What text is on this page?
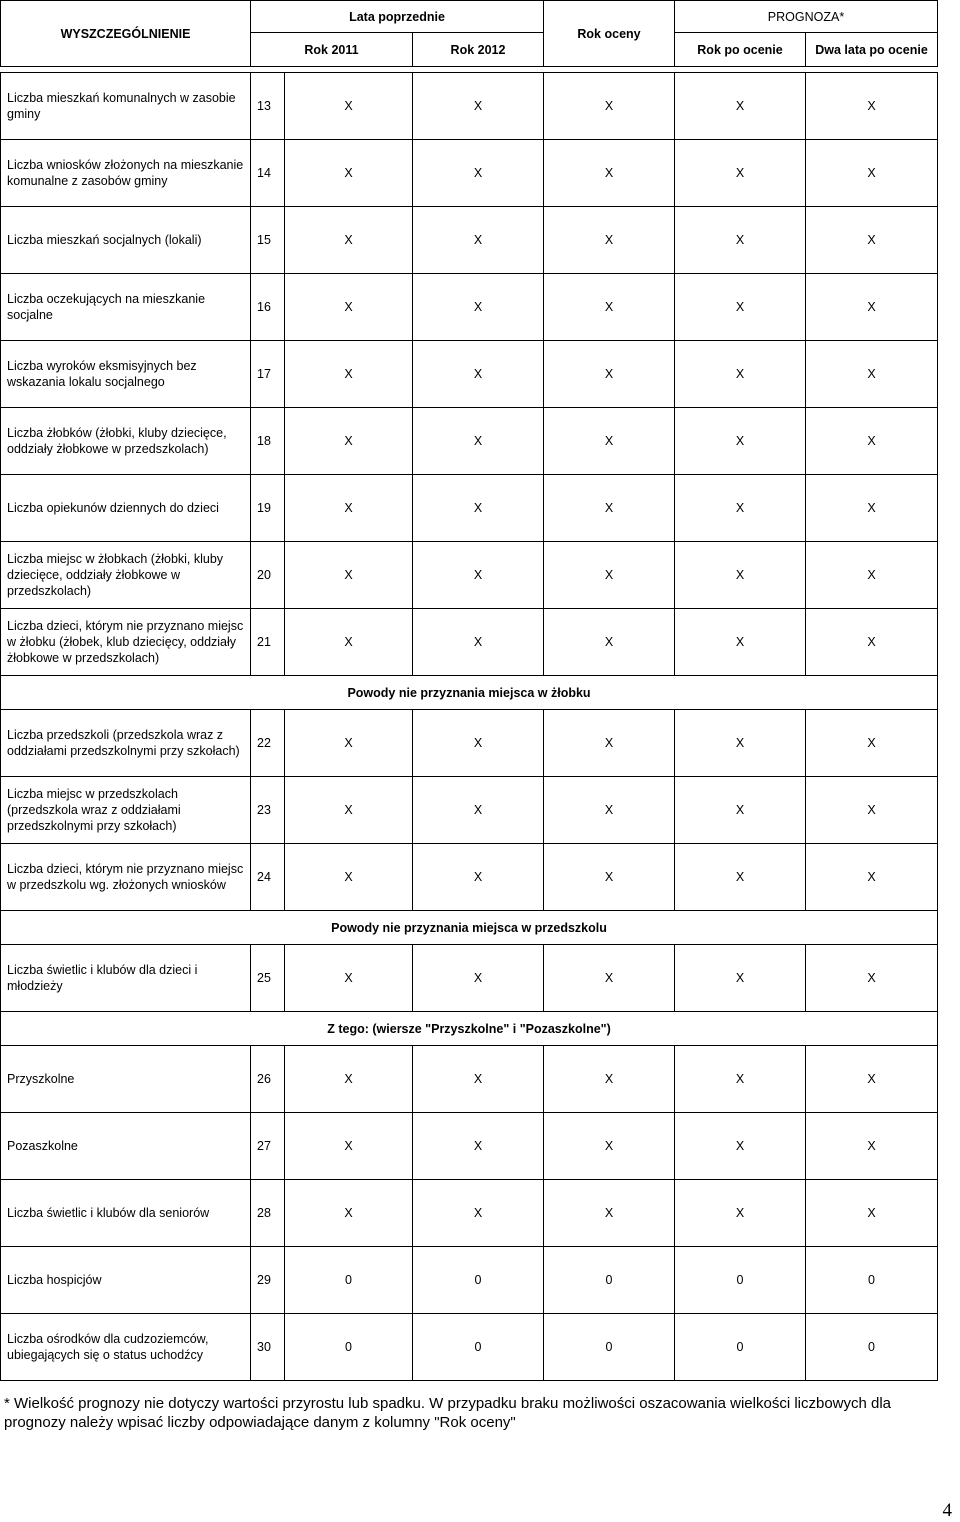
WYSZCZEGÓLNIENIE	Lata poprzednie			Rok oceny	PROGNOZA*	
	Rok 2011		Rok 2012		Rok po ocenie	Dwa lata po ocenie

Liczba mieszkań komunalnych w zasobie gminy	13	X	X	X	X	X
Liczba wniosków złożonych na mieszkanie komunalne z zasobów gminy	14	X	X	X	X	X
Liczba mieszkań socjalnych (lokali)	15	X	X	X	X	X
Liczba oczekujących na mieszkanie socjalne	16	X	X	X	X	X
Liczba wyroków eksmisyjnych bez wskazania lokalu socjalnego	17	X	X	X	X	X
Liczba żłobków (żłobki, kluby dziecięce, oddziały żłobkowe w przedszkolach)	18	X	X	X	X	X
Liczba opiekunów dziennych do dzieci	19	X	X	X	X	X
Liczba miejsc w żłobkach (żłobki, kluby dziecięce, oddziały żłobkowe w przedszkolach)	20	X	X	X	X	X
Liczba dzieci, którym nie przyznano miejsc w żłobku (żłobek, klub dziecięcy, oddziały żłobkowe w przedszkolach)	21	X	X	X	X	X
Powody nie przyznania miejsca w żłobku						
Liczba przedszkoli (przedszkola wraz z oddziałami przedszkolnymi przy szkołach)	22	X	X	X	X	X
Liczba miejsc w przedszkolach (przedszkola wraz z oddziałami przedszkolnymi przy szkołach)	23	X	X	X	X	X
Liczba dzieci, którym nie przyznano miejsc w przedszkolu wg. złożonych wniosków	24	X	X	X	X	X
Powody nie przyznania miejsca w przedszkolu						
Liczba świetlic i klubów dla dzieci i młodzieży	25	X	X	X	X	X
Z tego: (wiersze "Przyszkolne" i "Pozaszkolne")						
Przyszkolne	26	X	X	X	X	X
Pozaszkolne	27	X	X	X	X	X
Liczba świetlic i klubów dla seniorów	28	X	X	X	X	X
Liczba hospicjów	29	0	0	0	0	0
Liczba ośrodków dla cudzoziemców, ubiegających się o status uchodźcy	30	0	0	0	0	0
* Wielkość prognozy nie dotyczy wartości przyrostu lub spadku. W przypadku braku możliwości oszacowania wielkości liczbowych dla prognozy należy wpisać liczby odpowiadające danym z kolumny "Rok oceny"
4
